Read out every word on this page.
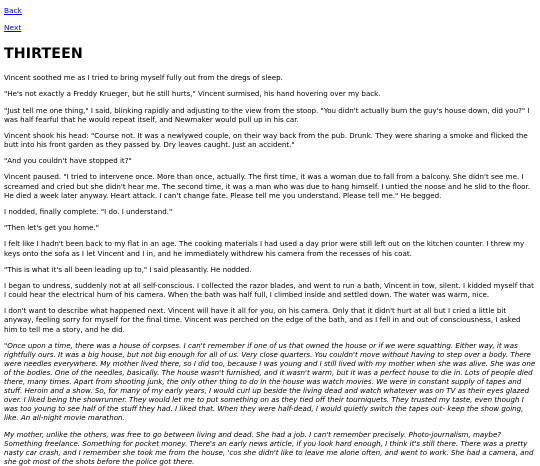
Back
Next
THIRTEEN

Vincent soothed me as I tried to bring myself fully out from the dregs of sleep.

"He's not exactly a Freddy Krueger, but he still hurts," Vincent surmised, his hand hovering over my back.

"Just tell me one thing," I said, blinking rapidly and adjusting to the view from the stoop. "You didn't actually burn the guy's house down, did you?" I was half fearful that he would repeat itself, and Newmaker would pull up in his car.

Vincent shook his head: "Course not. It was a newlywed couple, on their way back from the pub. Drunk. They were sharing a smoke and flicked the butt into his front garden as they passed by. Dry leaves caught. Just an accident."

"And you couldn't have stopped it?"

Vincent paused. "I tried to intervene once. More than once, actually. The first time, it was a woman due to fall from a balcony. She didn't see me. I screamed and cried but she didn't hear me. The second time, it was a man who was due to hang himself. I untied the noose and he slid to the floor. He died a week later anyway. Heart attack. I can't change fate. Please tell me you understand. Please tell me." He begged.

I nodded, finally complete. "I do. I understand."

"Then let's get you home."

I felt like I hadn't been back to my flat in an age. The cooking materials I had used a day prior were still left out on the kitchen counter. I threw my keys onto the sofa as I let Vincent and I in, and he immediately withdrew his camera from the recesses of his coat.

"This is what it's all been leading up to," I said pleasantly. He nodded.

I began to undress, suddenly not at all self-conscious. I collected the razor blades, and went to run a bath, Vincent in tow, silent. I kidded myself that I could hear the electrical hum of his camera. When the bath was half full, I climbed inside and settled down. The water was warm, nice.

I don't want to describe what happened next. Vincent will have it all for you, on his camera. Only that it didn't hurt at all but I cried a little bit anyway, feeling sorry for myself for the final time. Vincent was perched on the edge of the bath, and as I fell in and out of consciousness, I asked him to tell me a story, and he did.

"Once upon a time, there was a house of corpses. I can't remember if one of us that owned the house or if we were squatting. Either way, it was rightfully ours. It was a big house, but not big enough for all of us. Very close quarters. You couldn't move without having to step over a body. There were needles everywhere. My mother lived there, so I did too, because I was young and I still lived with my mother when she was alive. She was one of the bodies. One of the needles, basically. The house wasn't furnished, and it wasn't warm, but it was a perfect house to die in. Lots of people died there, many times. Apart from shooting junk, the only other thing to do in the house was watch movies. We were in constant supply of tapes and stuff. Heroin and a show. So, for many of my early years, I would curl up beside the living dead and watch whatever was on TV as their eyes glazed over. I liked being the showrunner. They would let me to put something on as they tied off their tourniquets. They trusted my taste, even though I was too young to see half of the stuff they had. I liked that. When they were half-dead, I would quietly switch the tapes out- keep the show going, like. An all-night movie marathon.

My mother, unlike the others, was free to go between living and dead. She had a job. I can't remember precisely. Photo-journalism, maybe? Something freelance. Something for pocket money. There's an early news article, if you look hard enough, I think it's still there. There was a pretty nasty car crash, and I remember she took me from the house, 'cos she didn't like to leave me alone often, and went to work. She had a camera, and she got most of the shots before the police got there.
